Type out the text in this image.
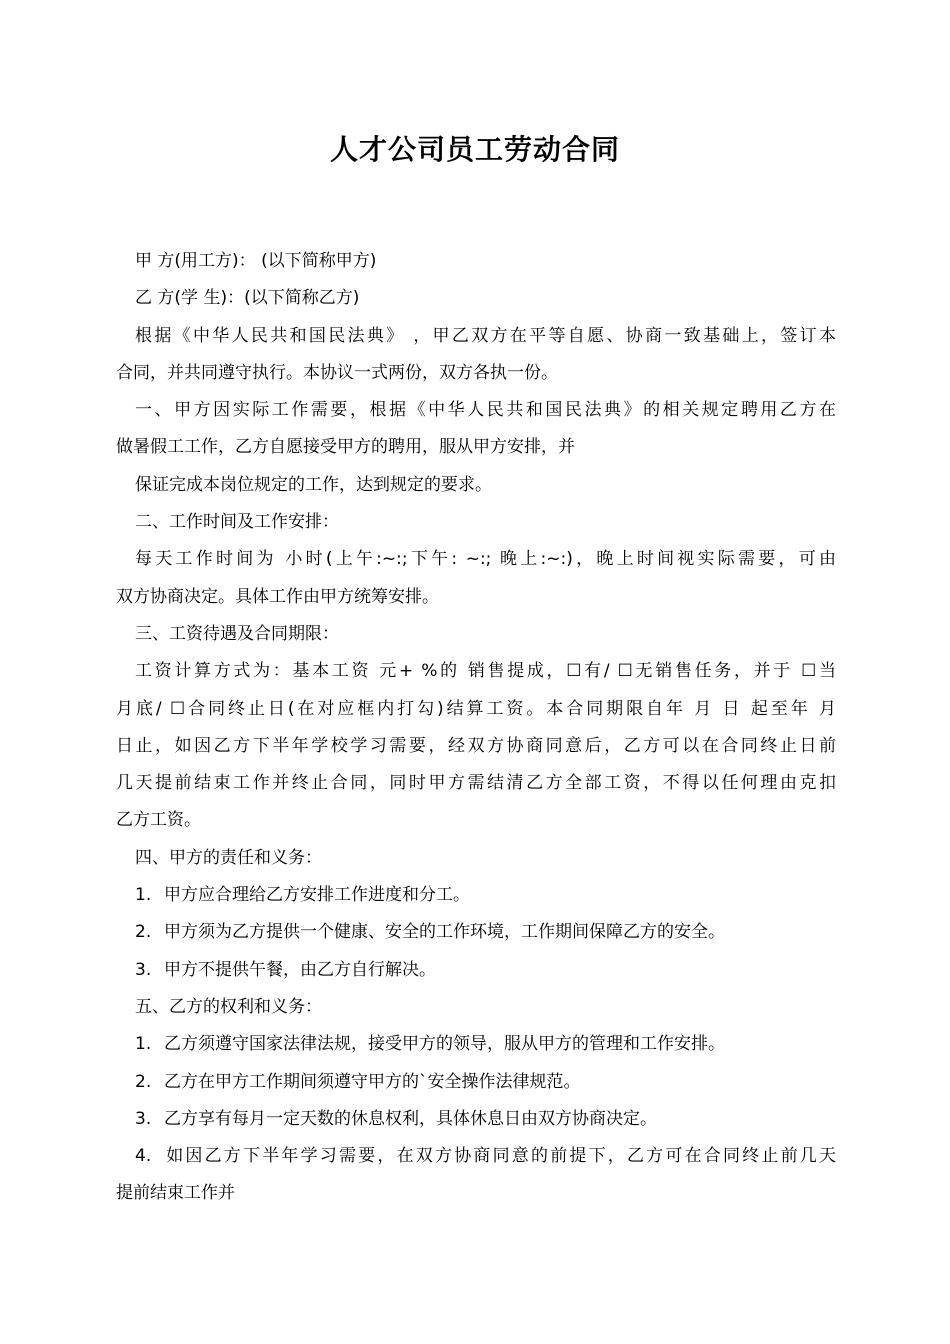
人才公司员工劳动合同

甲 方(用工方)： (以下简称甲方)

乙 方(学 生)：(以下简称乙方)

根据《中华人民共和国民法典》 ，甲乙双方在平等自愿、协商一致基础上，签订本

合同，并共同遵守执行。本协议一式两份，双方各执一份。

一、甲方因实际工作需要，根据《中华人民共和国民法典》的相关规定聘用乙方在

做暑假工工作，乙方自愿接受甲方的聘用，服从甲方安排，并

保证完成本岗位规定的工作，达到规定的要求。

二、工作时间及工作安排：

每天工作时间为 小时(上午:~:;下午: ~:; 晚上:~:)，晚上时间视实际需要，可由

双方协商决定。具体工作由甲方统筹安排。

三、工资待遇及合同期限：

工资计算方式为：基本工资 元+ %的 销售提成，☐有/ ☐无销售任务，并于 ☐当

月底/ ☐合同终止日(在对应框内打勾)结算工资。本合同期限自年 月 日 起至年 月

日止，如因乙方下半年学校学习需要，经双方协商同意后，乙方可以在合同终止日前

几天提前结束工作并终止合同，同时甲方需结清乙方全部工资，不得以任何理由克扣

乙方工资。

四、甲方的责任和义务：

1. 甲方应合理给乙方安排工作进度和分工。

2. 甲方须为乙方提供一个健康、安全的工作环境，工作期间保障乙方的安全。

3. 甲方不提供午餐，由乙方自行解决。

五、乙方的权利和义务：

1. 乙方须遵守国家法律法规，接受甲方的领导，服从甲方的管理和工作安排。

2. 乙方在甲方工作期间须遵守甲方的`安全操作法律规范。

3. 乙方享有每月一定天数的休息权利，具体休息日由双方协商决定。

4. 如因乙方下半年学习需要，在双方协商同意的前提下，乙方可在合同终止前几天

提前结束工作并
